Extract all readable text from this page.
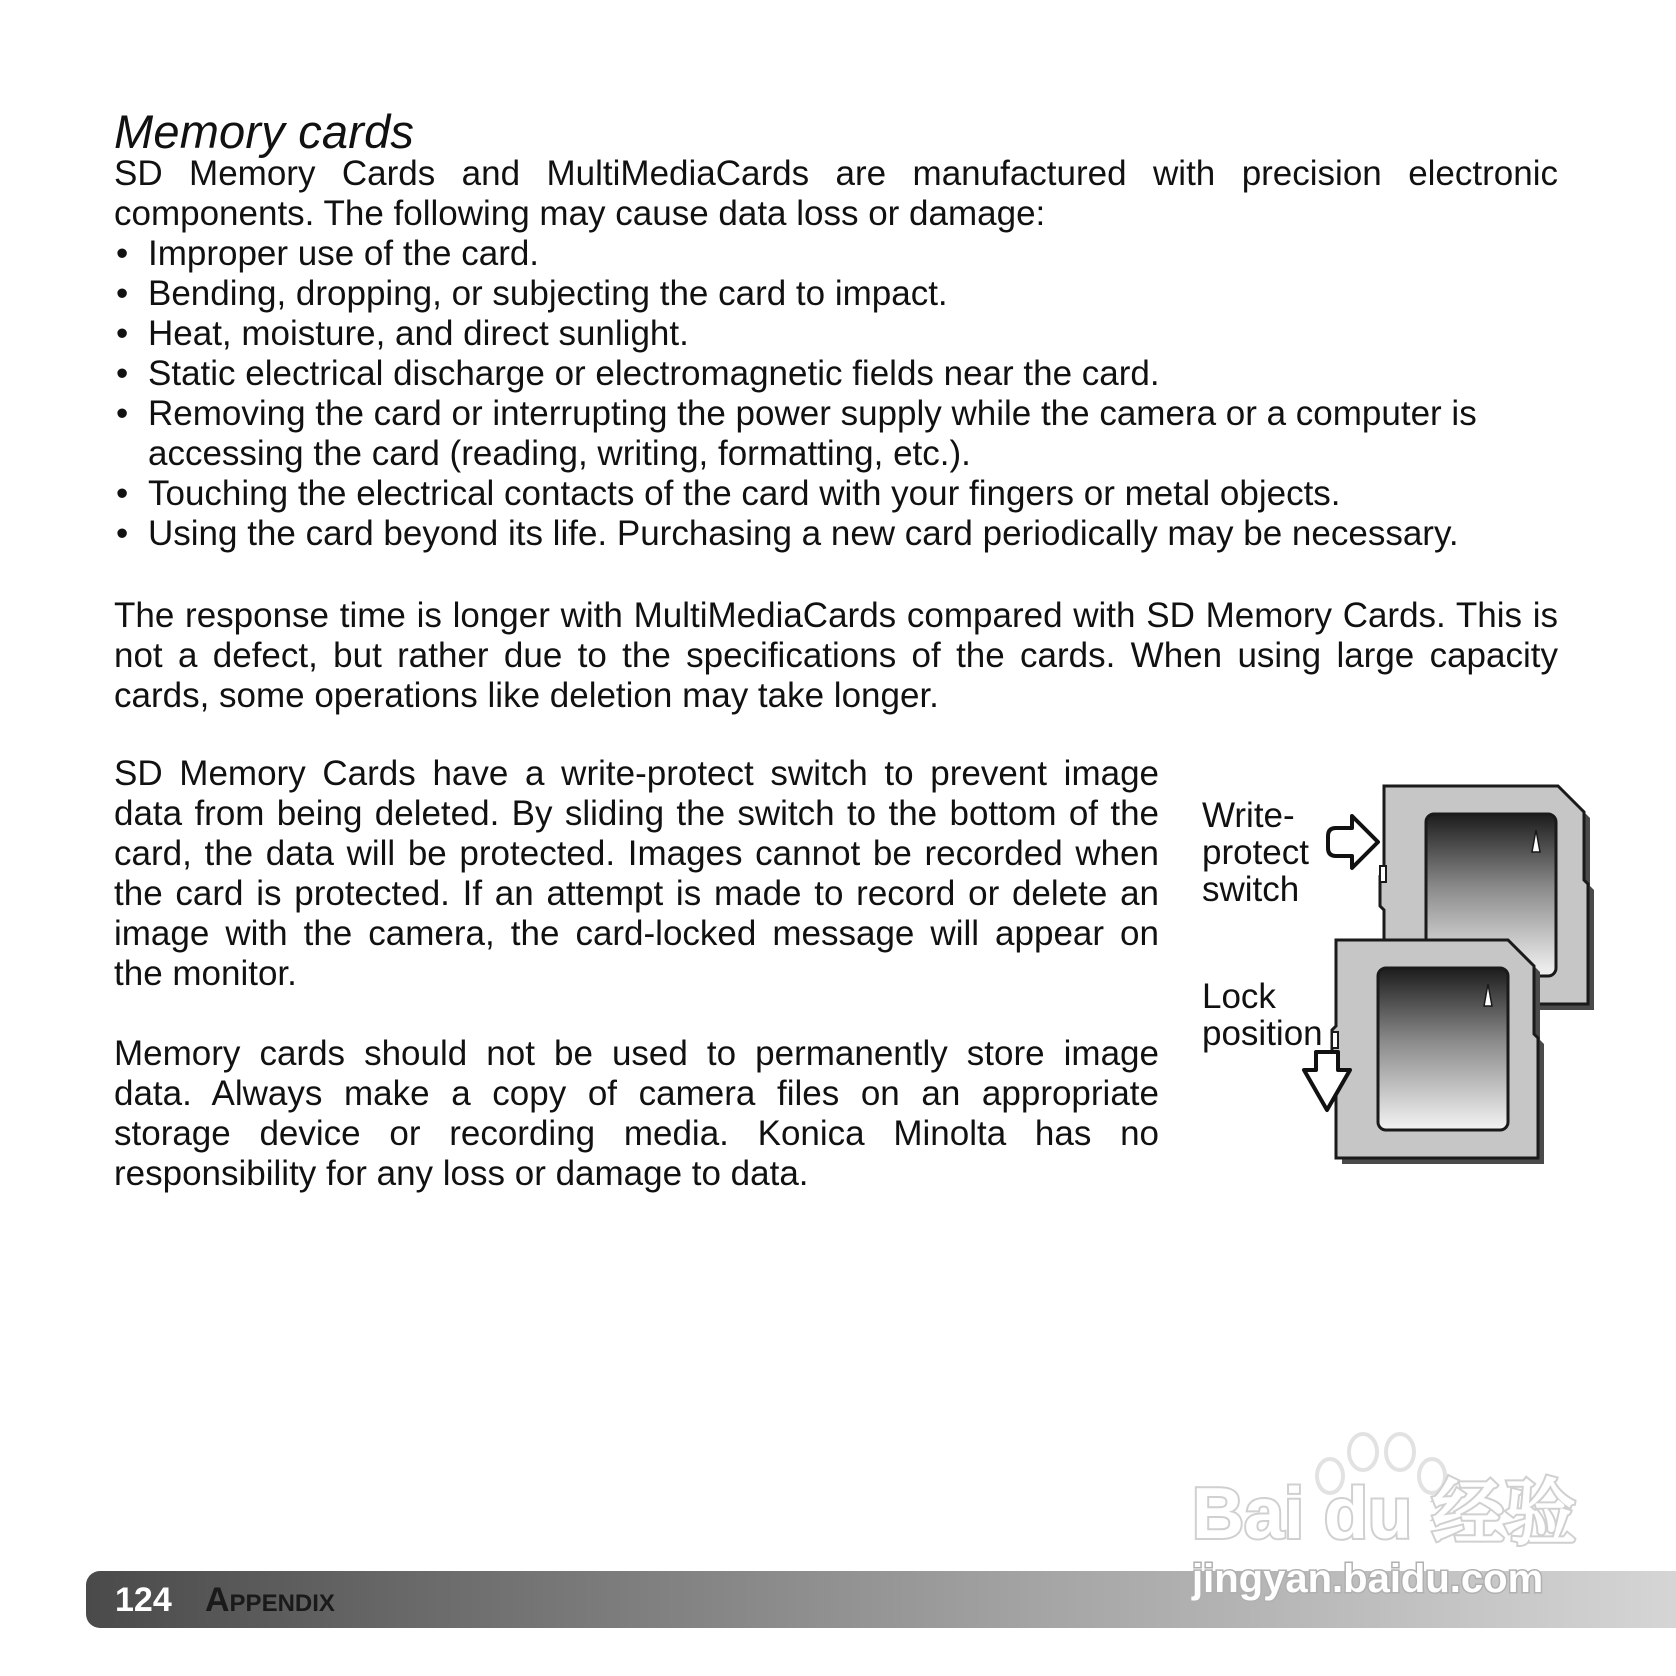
Memory cards

SD Memory Cards and MultiMediaCards are manufactured with precision electronic components. The following may cause data loss or damage:

• Improper use of the card.
• Bending, dropping, or subjecting the card to impact.
• Heat, moisture, and direct sunlight.
• Static electrical discharge or electromagnetic fields near the card.
• Removing the card or interrupting the power supply while the camera or a computer is accessing the card (reading, writing, formatting, etc.).
• Touching the electrical contacts of the card with your fingers or metal objects.
• Using the card beyond its life. Purchasing a new card periodically may be necessary.

The response time is longer with MultiMediaCards compared with SD Memory Cards. This is not a defect, but rather due to the specifications of the cards. When using large capacity cards, some operations like deletion may take longer.

SD Memory Cards have a write-protect switch to prevent image data from being deleted. By sliding the switch to the bottom of the card, the data will be protected. Images cannot be recorded when the card is protected. If an attempt is made to record or delete an image with the camera, the card-locked message will appear on the monitor.

Memory cards should not be used to permanently store image data. Always make a copy of camera files on an appropriate storage device or recording media. Konica Minolta has no responsibility for any loss or damage to data.

Write-
protect
switch
Lock
position

124 Appendix

Bai du 经验
jingyan.baidu.com
